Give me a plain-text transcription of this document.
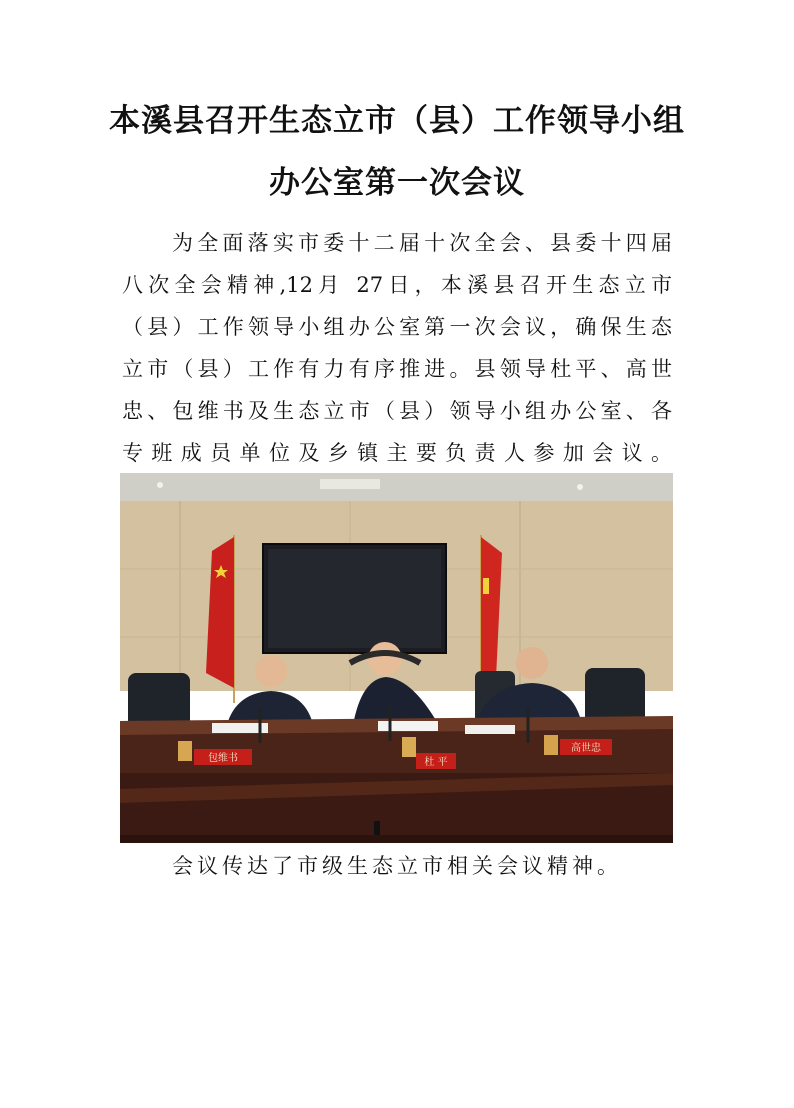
本溪县召开生态立市（县）工作领导小组
办公室第一次会议
为全面落实市委十二届十次全会、县委十四届
八次全会精神,12月 27日，本溪县召开生态立市
（县）工作领导小组办公室第一次会议，确保生态
立市（县）工作有力有序推进。县领导杜平、高世
忠、包维书及生态立市（县）领导小组办公室、各
专班成员单位及乡镇主要负责人参加会议。
包维书	杜 平
高世忠
会议传达了市级生态立市相关会议精神。
